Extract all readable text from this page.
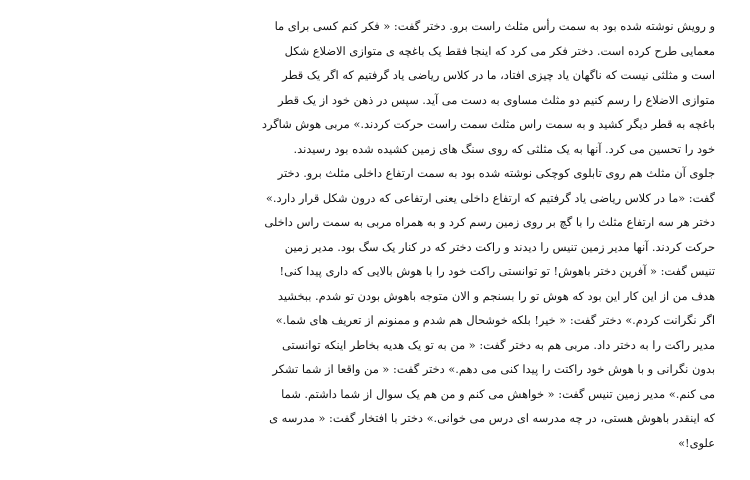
و رویش نوشته شده بود به سمت رأس مثلث راست برو. دختر گفت: « فکر کنم کسی برای ما
معمایی طرح کرده است. دختر فکر می کرد که اینجا فقط یک باغچه ی متوازی الاضلاع شکل
است و مثلثی نیست که ناگهان یاد چیزی افتاد، ما در کلاس ریاضی یاد گرفتیم که اگر یک قطر
متوازی الاضلاع را رسم کنیم دو مثلث مساوی به دست می آید. سپس در ذهن خود از یک قطر
باغچه به قطر دیگر کشید و به سمت راس مثلث سمت راست حرکت کردند.» مربی هوش شاگرد
خود را تحسین می کرد. آنها به یک مثلثی که روی سنگ های زمین کشیده شده بود رسیدند.
جلوی آن مثلث هم روی تابلوی کوچکی نوشته شده بود به سمت ارتفاع داخلی مثلث برو. دختر
گفت: «ما در کلاس ریاضی یاد گرفتیم که ارتفاع داخلی یعنی ارتفاعی که درون شکل قرار دارد.»
دختر هر سه ارتفاع مثلث را با گچ بر روی زمین رسم کرد و به همراه مربی به سمت راس داخلی
حرکت کردند. آنها مدیر زمین تنیس را دیدند و راکت دختر که در کنار یک سگ بود. مدیر زمین
تنیس گفت: « آفرین دختر باهوش! تو توانستی راکت خود را با هوش بالایی که داری پیدا کنی!
هدف من از این کار این بود که هوش تو را بسنجم و الان متوجه باهوش بودن تو شدم. ببخشید
اگر نگرانت کردم.» دختر گفت: « خیر! بلکه خوشحال هم شدم و ممنونم از تعریف های شما.»
مدیر راکت را به دختر داد. مربی هم به دختر گفت: « من به تو یک هدیه بخاطر اینکه توانستی
بدون نگرانی و با هوش خود راکتت را پیدا کنی می دهم.» دختر گفت: « من واقعا از شما تشکر
می کنم.» مدیر زمین تنیس گفت: « خواهش می کنم و من هم یک سوال از شما داشتم. شما
که اینقدر باهوش هستی، در چه مدرسه ای درس می خوانی.» دختر با افتخار گفت: « مدرسه ی
علوی!»
